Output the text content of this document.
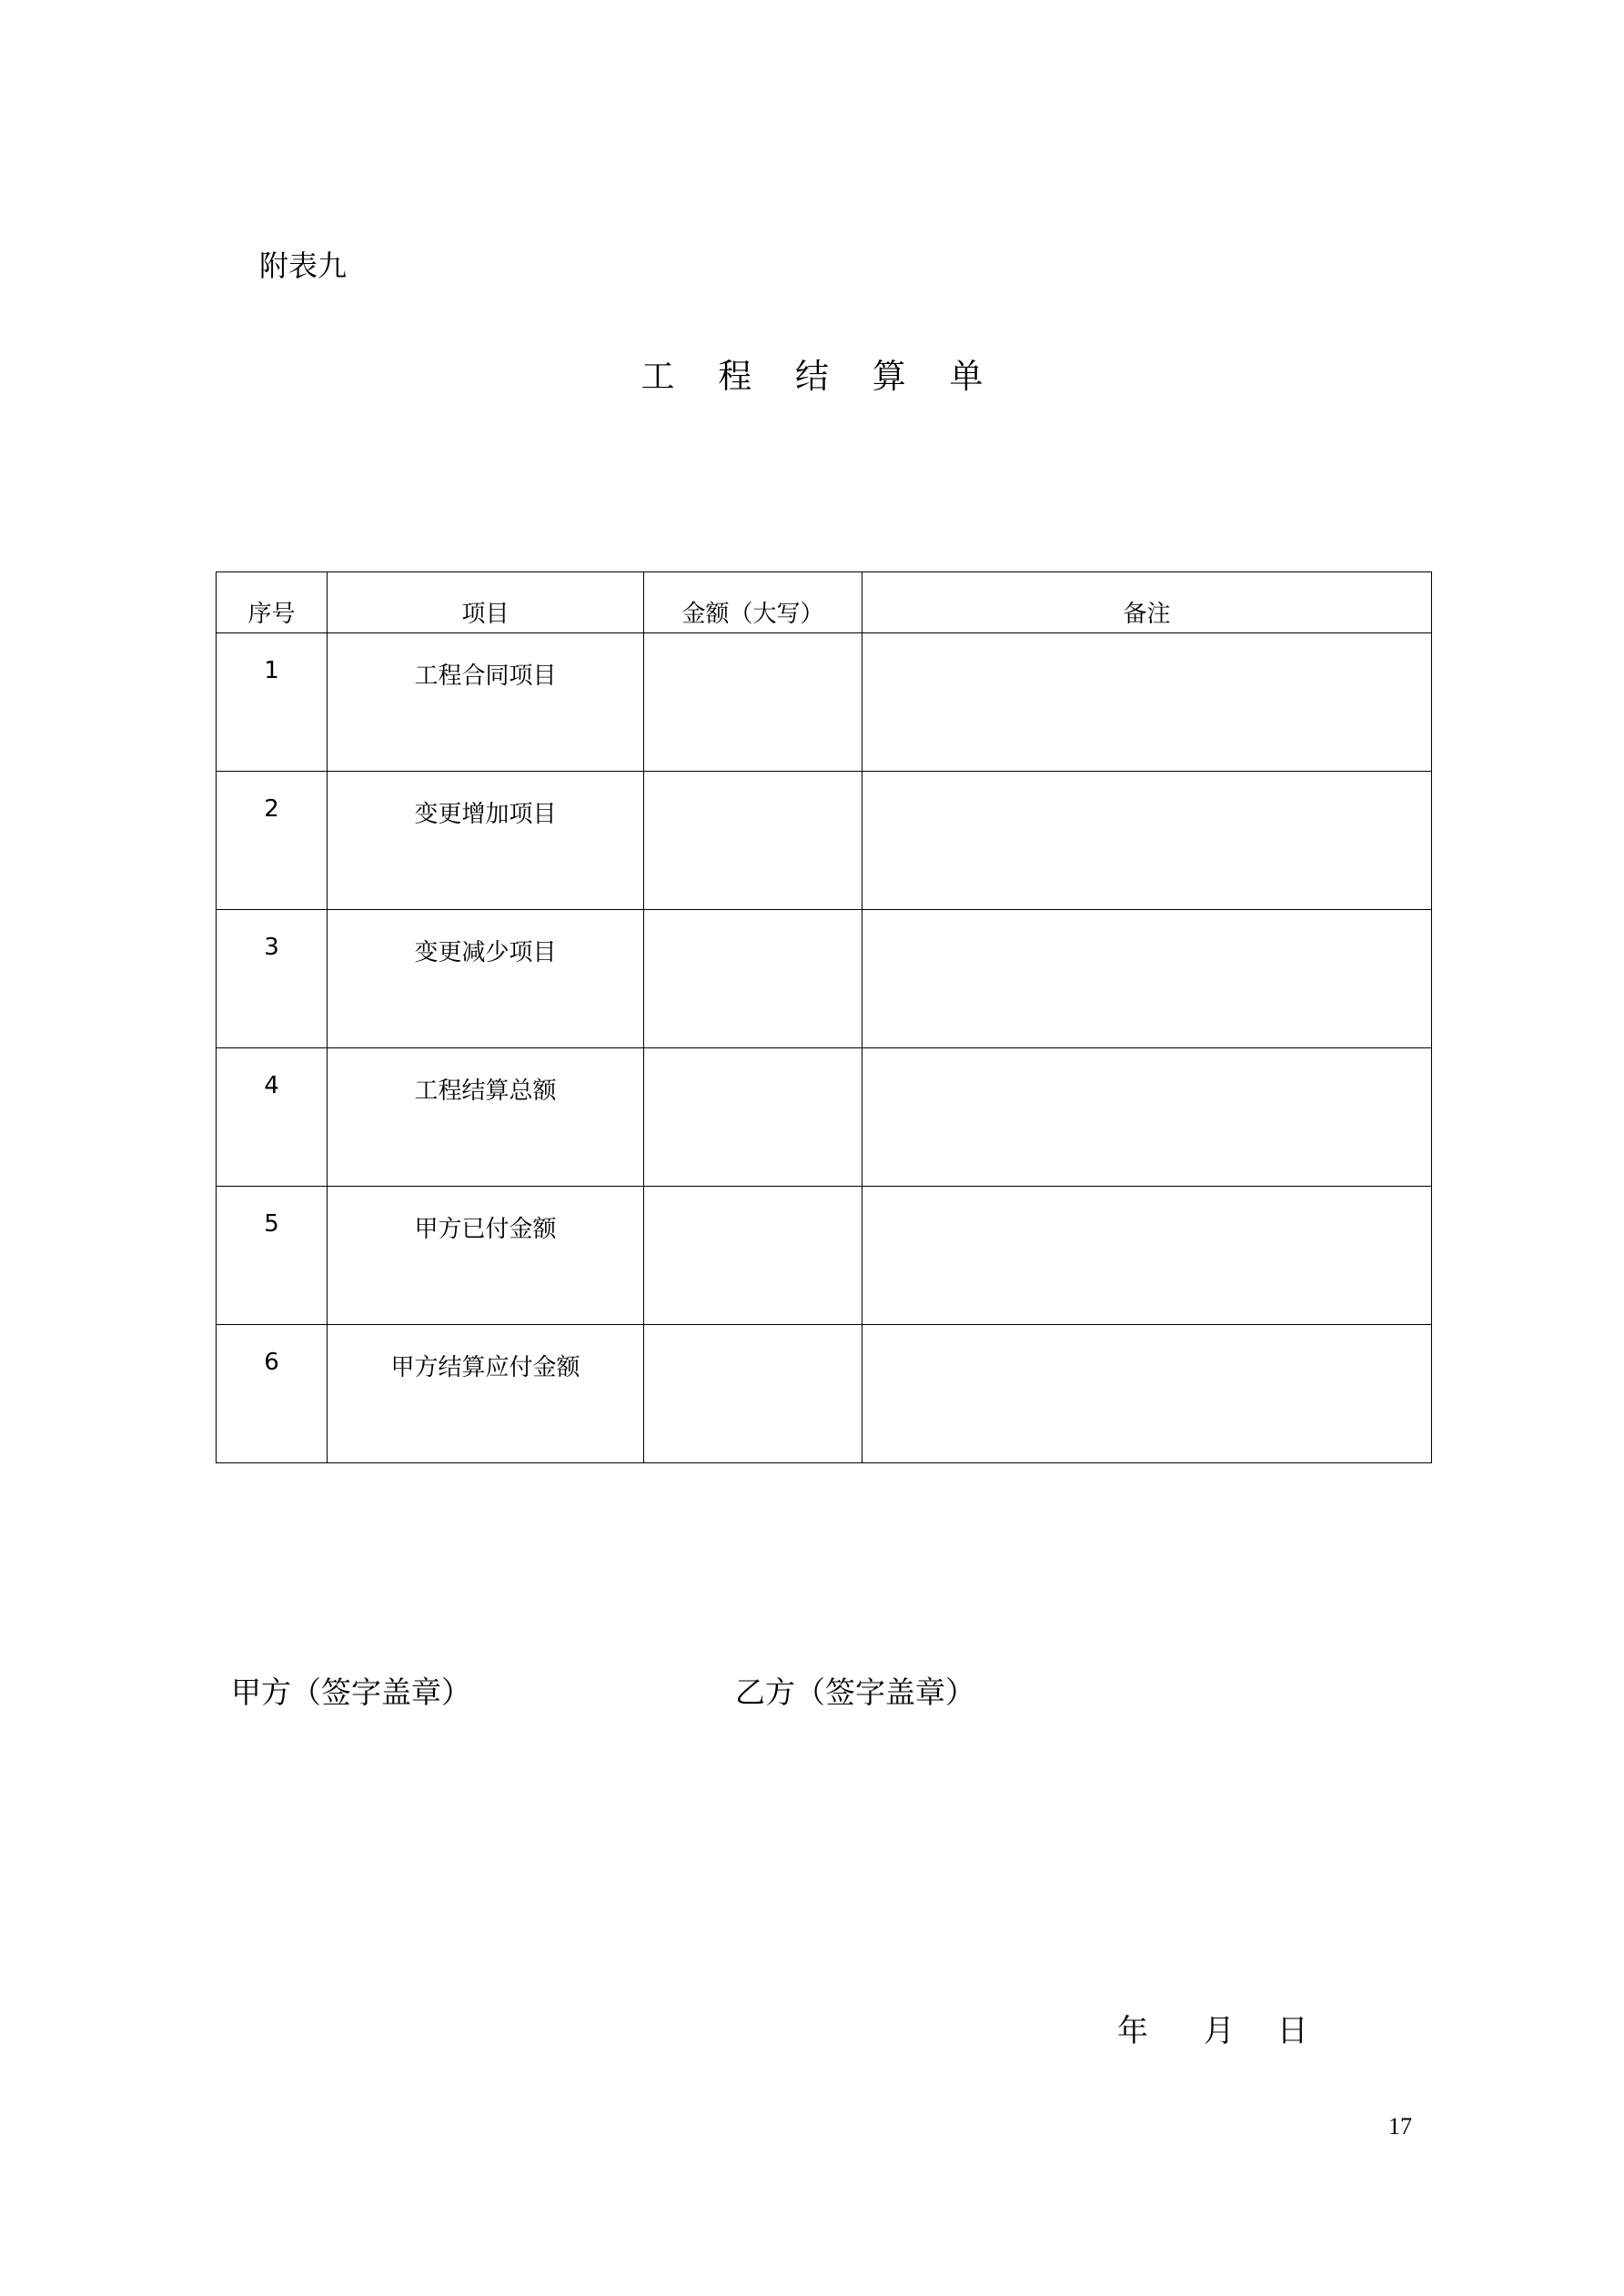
附表九
工 程 结 算 单
序号	项目	金额（大写）	备注
1	工程合同项目		
2	变更增加项目		
3	变更减少项目		
4	工程结算总额		
5	甲方已付金额		
6	甲方结算应付金额		
甲方（签字盖章）	乙方（签字盖章）
年 月 日
17
